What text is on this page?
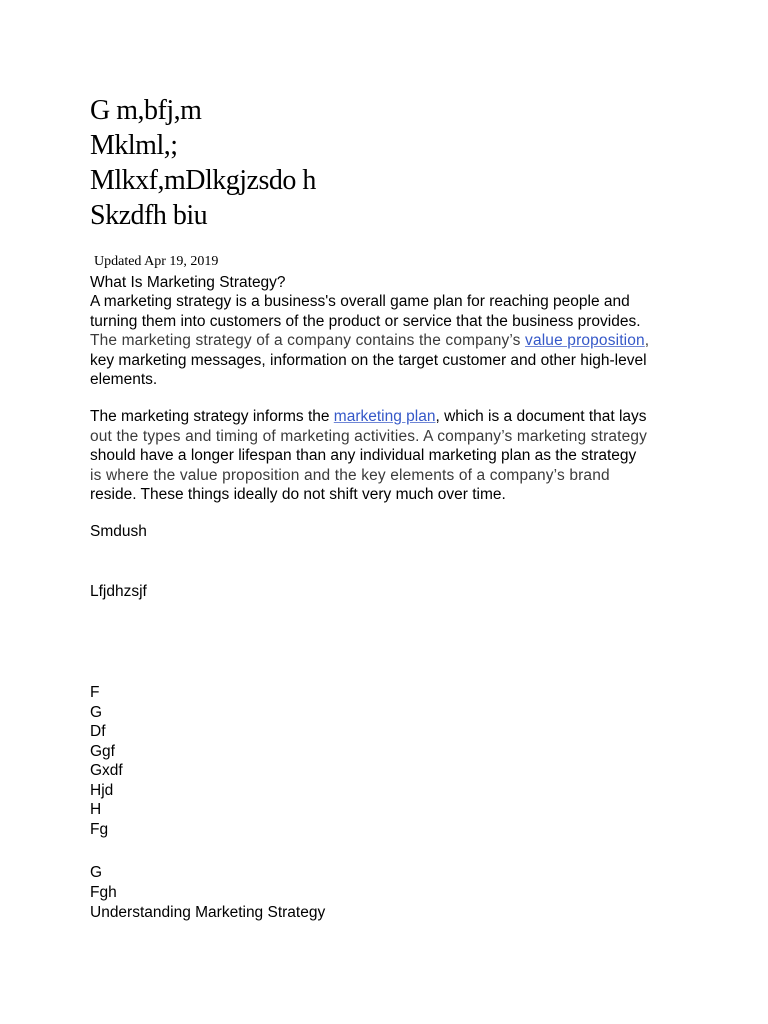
G m,bfj,m
Mklml,;
Mlkxf,mDlkgjzsdo h
Skzdfh biu
Updated Apr 19, 2019
What Is Marketing Strategy?
A marketing strategy is a business's overall game plan for reaching people and
turning them into customers of the product or service that the business provides.
The marketing strategy of a company contains the company’s value proposition,
key marketing messages, information on the target customer and other high-level
elements.
The marketing strategy informs the marketing plan, which is a document that lays
out the types and timing of marketing activities. A company’s marketing strategy
should have a longer lifespan than any individual marketing plan as the strategy
is where the value proposition and the key elements of a company’s brand
reside. These things ideally do not shift very much over time.
Smdush
Lfjdhzsjf
F
G
Df
Ggf
Gxdf
Hjd
H
Fg
G
Fgh
Understanding Marketing Strategy
